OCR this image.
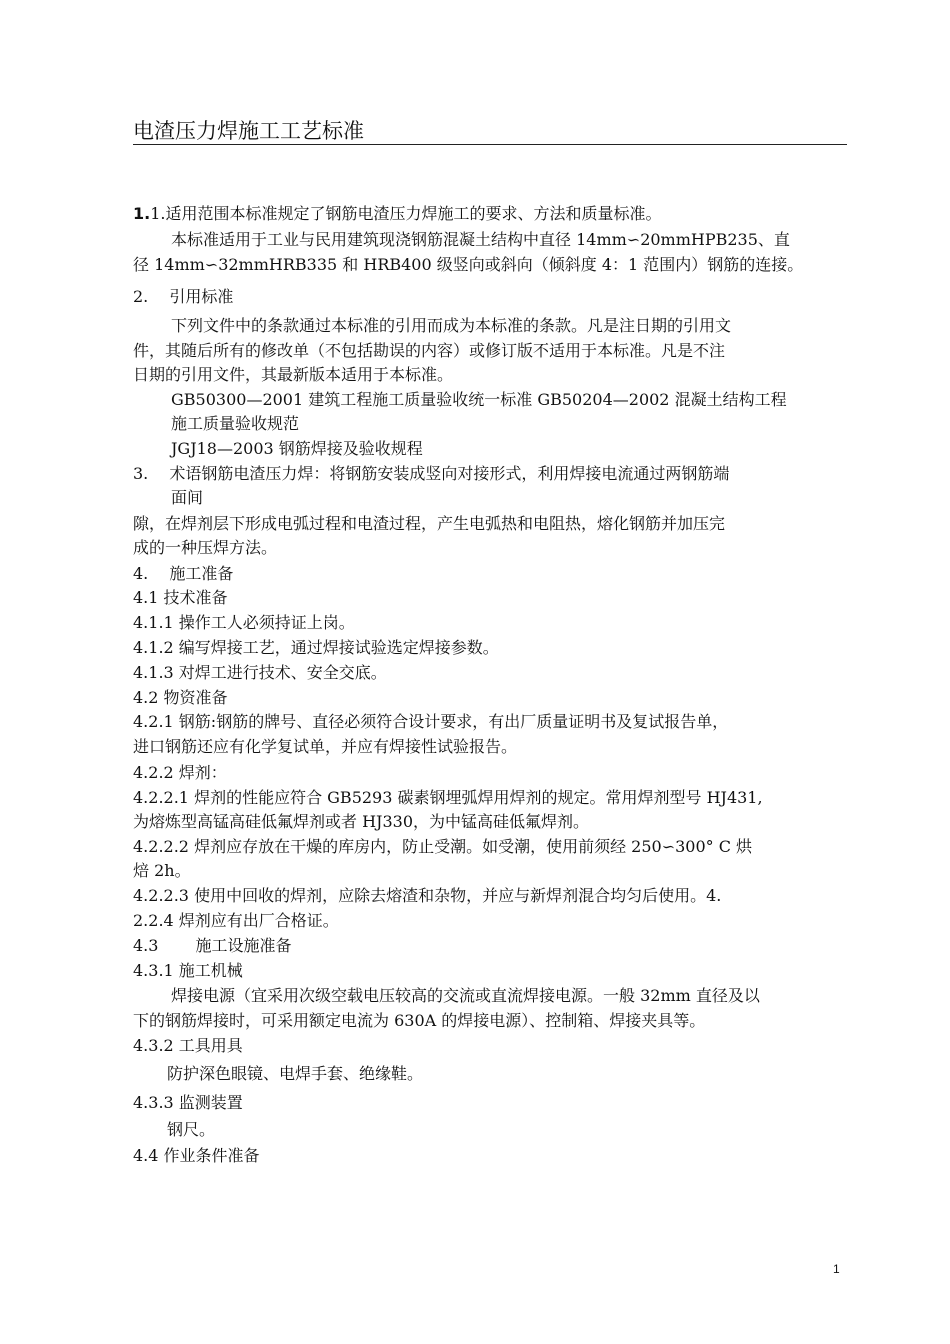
电渣压力焊施工工艺标准
1.1.适用范围本标准规定了钢筋电渣压力焊施工的要求、方法和质量标准。
本标准适用于工业与民用建筑现浇钢筋混凝土结构中直径 14mm∽20mmHPB235、直
径 14mm∽32mmHRB335 和 HRB400 级竖向或斜向（倾斜度 4：1 范围内）钢筋的连接。
2.　 引用标准
下列文件中的条款通过本标准的引用而成为本标准的条款。凡是注日期的引用文
件，其随后所有的修改单（不包括勘误的内容）或修订版不适用于本标准。凡是不注
日期的引用文件，其最新版本适用于本标准。
GB50300—2001 建筑工程施工质量验收统一标准 GB50204—2002 混凝土结构工程
施工质量验收规范
JGJ18—2003 钢筋焊接及验收规程
3.　 术语钢筋电渣压力焊：将钢筋安装成竖向对接形式，利用焊接电流通过两钢筋端
面间
隙，在焊剂层下形成电弧过程和电渣过程，产生电弧热和电阻热，熔化钢筋并加压完
成的一种压焊方法。
4.　 施工准备
4.1 技术准备
4.1.1 操作工人必须持证上岗。
4.1.2 编写焊接工艺，通过焊接试验选定焊接参数。
4.1.3 对焊工进行技术、安全交底。
4.2 物资准备
4.2.1 钢筋:钢筋的牌号、直径必须符合设计要求，有出厂质量证明书及复试报告单，
进口钢筋还应有化学复试单，并应有焊接性试验报告。
4.2.2 焊剂：
4.2.2.1 焊剂的性能应符合 GB5293 碳素钢埋弧焊用焊剂的规定。常用焊剂型号 HJ431,
为熔炼型高锰高硅低氟焊剂或者 HJ330，为中锰高硅低氟焊剂。
4.2.2.2 焊剂应存放在干燥的库房内，防止受潮。如受潮，使用前须经 250∽300° C 烘
焙 2h。
4.2.2.3 使用中回收的焊剂，应除去熔渣和杂物，并应与新焊剂混合均匀后使用。4.
2.2.4 焊剂应有出厂合格证。
4.3　　 施工设施准备
4.3.1 施工机械
焊接电源（宜采用次级空载电压较高的交流或直流焊接电源。一般 32mm 直径及以
下的钢筋焊接时，可采用额定电流为 630A 的焊接电源）、控制箱、焊接夹具等。
4.3.2 工具用具
防护深色眼镜、电焊手套、绝缘鞋。
4.3.3 监测装置
钢尺。
4.4 作业条件准备
1
